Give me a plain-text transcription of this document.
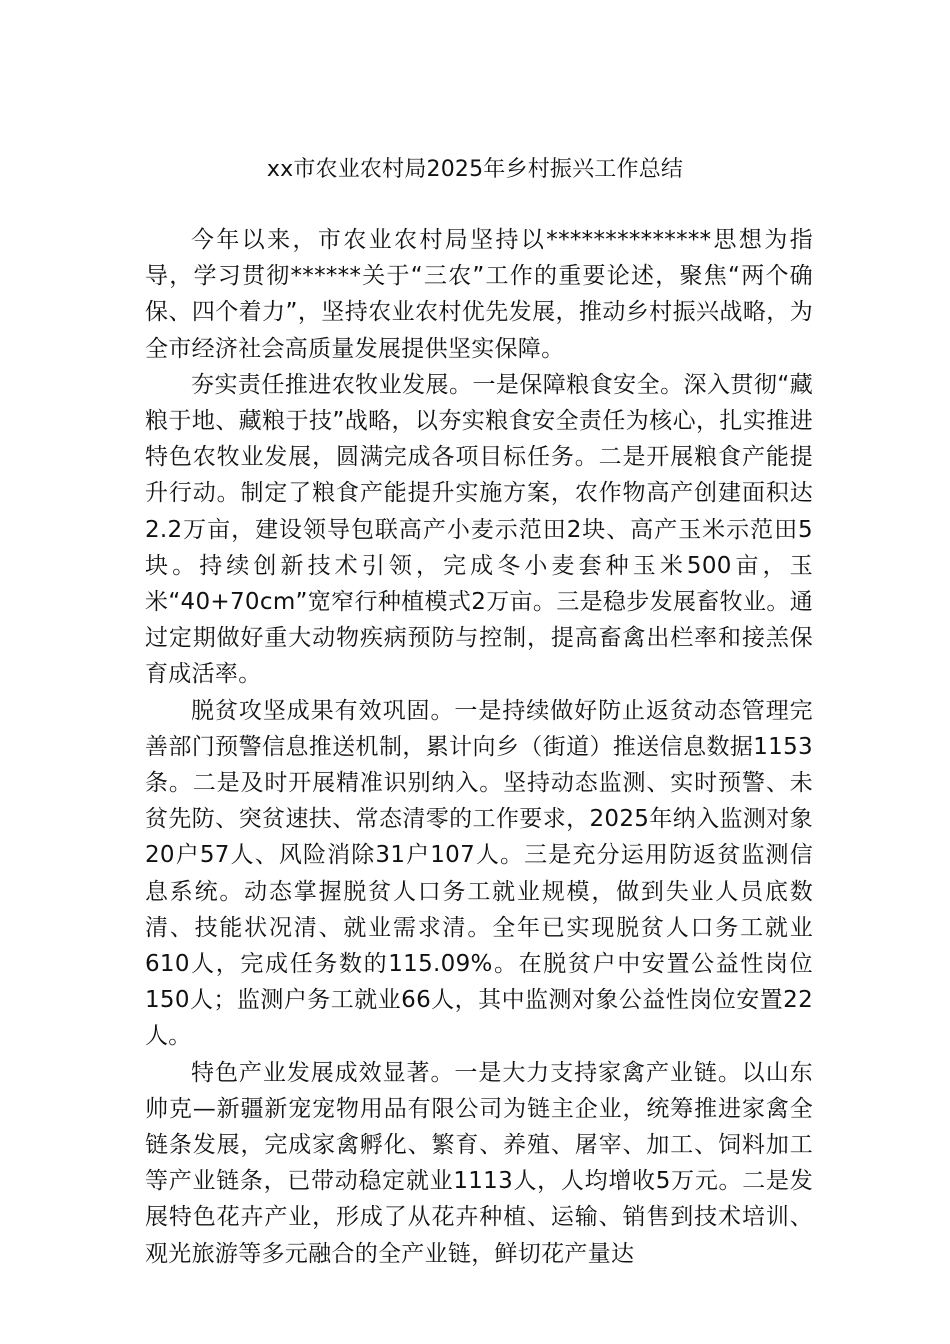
xx市农业农村局2025年乡村振兴工作总结

今年以来，市农业农村局坚持以**************思想为指导，学习贯彻******关于“三农”工作的重要论述，聚焦“两个确保、四个着力”，坚持农业农村优先发展，推动乡村振兴战略，为全市经济社会高质量发展提供坚实保障。

夯实责任推进农牧业发展。一是保障粮食安全。深入贯彻“藏粮于地、藏粮于技”战略，以夯实粮食安全责任为核心，扎实推进特色农牧业发展，圆满完成各项目标任务。二是开展粮食产能提升行动。制定了粮食产能提升实施方案，农作物高产创建面积达2.2万亩，建设领导包联高产小麦示范田2块、高产玉米示范田5块。持续创新技术引领，完成冬小麦套种玉米500亩，玉米“40+70cm”宽窄行种植模式2万亩。三是稳步发展畜牧业。通过定期做好重大动物疾病预防与控制，提高畜禽出栏率和接羔保育成活率。

脱贫攻坚成果有效巩固。一是持续做好防止返贫动态管理完善部门预警信息推送机制，累计向乡（街道）推送信息数据1153条。二是及时开展精准识别纳入。坚持动态监测、实时预警、未贫先防、突贫速扶、常态清零的工作要求，2025年纳入监测对象20户57人、风险消除31户107人。三是充分运用防返贫监测信息系统。动态掌握脱贫人口务工就业规模，做到失业人员底数清、技能状况清、就业需求清。全年已实现脱贫人口务工就业610人，完成任务数的115.09%。在脱贫户中安置公益性岗位150人；监测户务工就业66人，其中监测对象公益性岗位安置22人。

特色产业发展成效显著。一是大力支持家禽产业链。以山东帅克—新疆新宠宠物用品有限公司为链主企业，统筹推进家禽全链条发展，完成家禽孵化、繁育、养殖、屠宰、加工、饲料加工等产业链条，已带动稳定就业1113人，人均增收5万元。二是发展特色花卉产业，形成了从花卉种植、运输、销售到技术培训、观光旅游等多元融合的全产业链，鲜切花产量达
